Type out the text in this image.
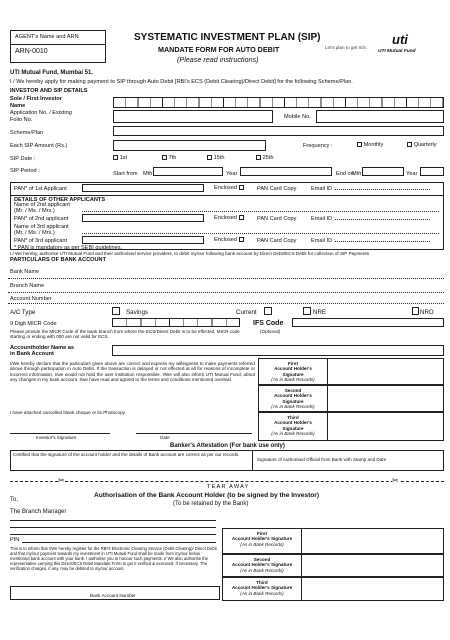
AGENT's Name and ARN
ARN-0010
SYSTEMATIC INVESTMENT PLAN (SIP)
MANDATE FORM FOR AUTO DEBIT
(Please read instructions)
Let's plan to get rich.
uti
UTI Mutual Fund
UTI Mutual Fund, Mumbai 51.
I / We hereby apply for making payment to SIP through Auto Debit [RBI's ECS (Debit Clearing)/Direct Debit] for the following Scheme/Plan.
INVESTOR AND SIP DETAILS
Sole / First Investor
Name
Application No. / Existing
Folio No.	Mobile No.
Scheme/Plan
Each SIP Amount (Rs.)	Frequency :	Monthly	Quarterly
SIP Date :	1st	7th	15th	25th
SIP Period :	Start from Mth	Year	End on
Mth	Year
PAN* of 1st Applicant	Enclosed	PAN Card Copy	Email ID :
DETAILS OF OTHER APPLICANTS
Name of 2nd applicant
(Mr. / Ms. / Mrs.)
PAN* of 2nd applicant	Enclosed	PAN Card Copy	Email ID :
Name of 3rd applicant
(Mr. / Ms. / Mrs.)
PAN* of 3rd applicant	Enclosed	PAN Card Copy	Email ID :
* PAN is mandatory as per SEBI guidelines.
I / We hereby, authorise UTI Mutual Fund and their authorised service providers, to debit my/our following bank account by Direct Debit/ECS Debit for collection of SIP Payments
PARTICULARS OF BANK ACCOUNT
Bank Name
Branch Name
Account Number
A/C Type	Savings	Current	NRE	NRO
9 Digit MICR Code	IFS Code
(Optional)
Please provide the MICR Code of the bank branch from where the ECS/Direct Debit is to be effected. MICR code starting or ending with 000 are not valid for ECS.
Accountholder Name as
in Bank Account
I/We hereby declare that the particulars given above are correct and express my willingness to make payments referred above through participation in Auto Debit. If the transaction is delayed or not effected at all for reasons of incomplete or incorrect information, I/we would not hold the user institution responsible. I/We will also inform UTI Mutual Fund, about any changes in my bank account. I/we have read and agreed to the terms and conditions mentioned overleaf.
I have attached cancelled blank cheque or its Photocopy.
Investor's Signature	Date
First
Account Holder's
Signature
(As in Bank Records)
Second
Account Holder's
Signature
(As in Bank Records)
Third
Account Holder's
Signature
(As in Bank Records)
Banker's Attestation (For bank use only)
Certified that the signature of the account holder and the details of Bank account are correct as per our records.
Signature of Authorised Official from Bank with Stamp and Date
✂	✂
TEAR AWAY
Authorisation of the Bank Account Holder (to be signed by the Investor)
(To be retained by the Bank)
To,
The Branch Manager
PIN
This is to inform that I/We hereby register for the RBI's Electronic Clearing Service (Debit Clearing)/ Direct Debit and that my/our payment towards my investment in UTI Mutual Fund shall be made from my/our below mentioned bank account with your bank. I authorise you to honour such payments. I/ We also authorise the representative carrying this Direct/ECS Debit Mandate Form to get it verified & executed. If necessary. The verification charges, if any, may be debited to my/our account.
Bank Account Number
First
Account Holder's Signature
(As in Bank Records)
Second
Account Holder's Signature
(As in Bank Records)
Third
Account Holder's Signature
(As in Bank Records)
